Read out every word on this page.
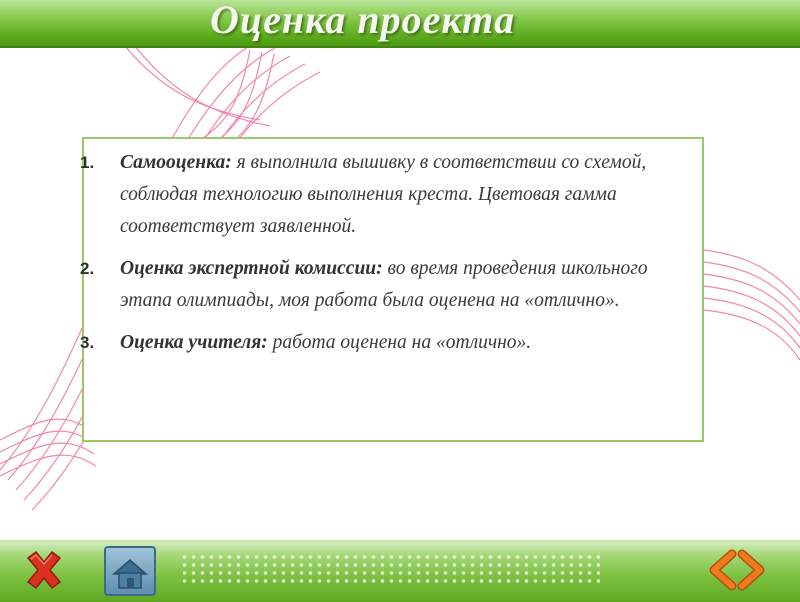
Оценка проекта
1. Самооценка: я выполнила вышивку в соответствии со схемой, соблюдая технологию выполнения креста. Цветовая гамма соответствует заявленной.
2. Оценка экспертной комиссии: во время проведения школьного этапа олимпиады, моя работа была оценена на «отлично».
3. Оценка учителя: работа оценена на «отлично».
